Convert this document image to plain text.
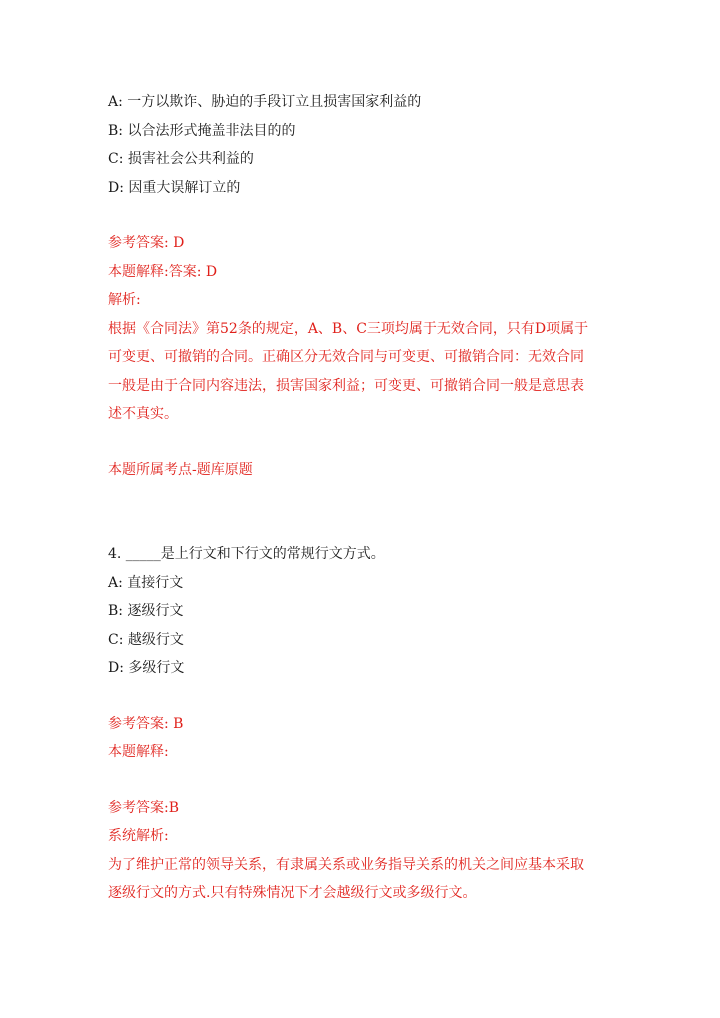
A: 一方以欺诈、胁迫的手段订立且损害国家利益的
B: 以合法形式掩盖非法目的的
C: 损害社会公共利益的
D: 因重大误解订立的
参考答案: D
本题解释:答案: D
解析:
根据《合同法》第52条的规定，A、B、C三项均属于无效合同，只有D项属于
可变更、可撤销的合同。正确区分无效合同与可变更、可撤销合同：无效合同
一般是由于合同内容违法，损害国家利益；可变更、可撤销合同一般是意思表
述不真实。
本题所属考点-题库原题
4. _____是上行文和下行文的常规行文方式。
A: 直接行文
B: 逐级行文
C: 越级行文
D: 多级行文
参考答案: B
本题解释:
参考答案:B
系统解析:
为了维护正常的领导关系，有隶属关系或业务指导关系的机关之间应基本采取
逐级行文的方式.只有特殊情况下才会越级行文或多级行文。
